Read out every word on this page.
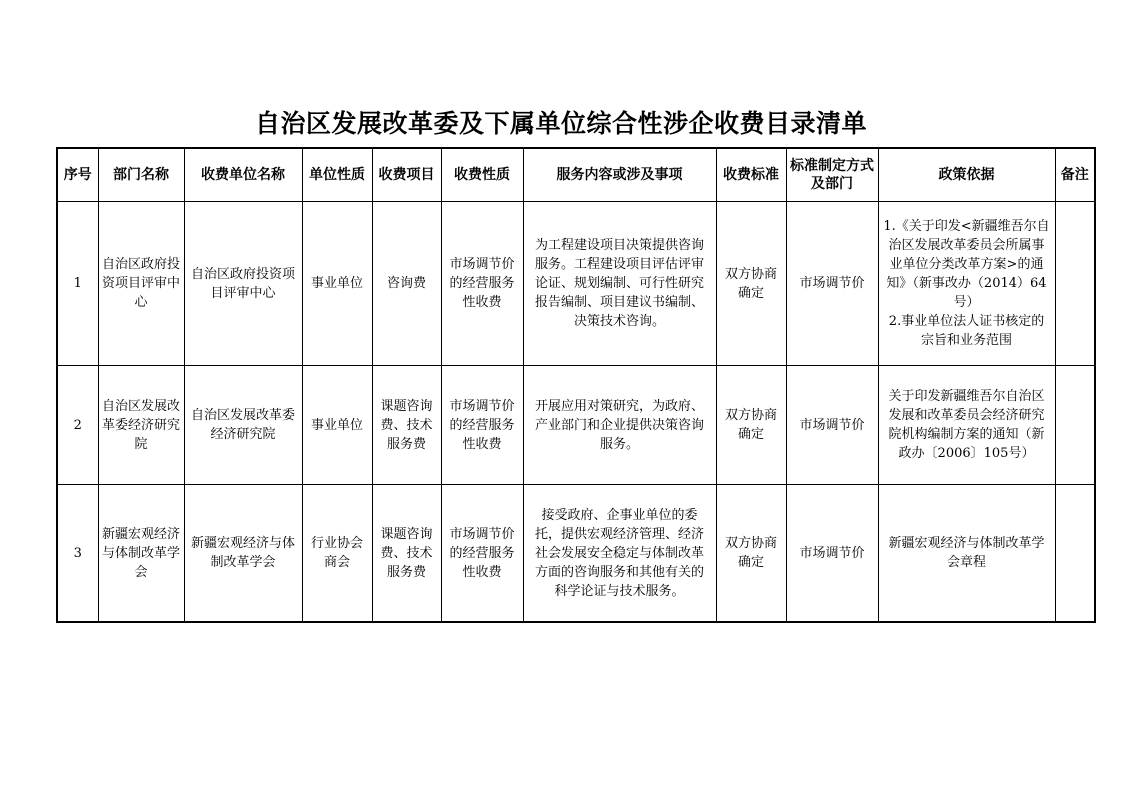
自治区发展改革委及下属单位综合性涉企收费目录清单
序号	部门名称	收费单位名称	单位性质	收费项目	收费性质	服务内容或涉及事项	收费标准	标准制定方式及部门	政策依据	备注
1	自治区政府投资项目评审中心	自治区政府投资项目评审中心	事业单位	咨询费	市场调节价的经营服务性收费	为工程建设项目决策提供咨询服务。工程建设项目评估评审论证、规划编制、可行性研究报告编制、项目建议书编制、决策技术咨询。	双方协商确定	市场调节价	1.《关于印发<新疆维吾尔自治区发展改革委员会所属事业单位分类改革方案>的通知》（新事改办（2014）64号）
2.事业单位法人证书核定的宗旨和业务范围	

2	自治区发展改革委经济研究院	自治区发展改革委经济研究院	事业单位	课题咨询费、技术服务费	市场调节价的经营服务性收费	开展应用对策研究，为政府、产业部门和企业提供决策咨询服务。	双方协商确定	市场调节价	关于印发新疆维吾尔自治区发展和改革委员会经济研究院机构编制方案的通知（新政办〔2006〕105号）	
3	新疆宏观经济与体制改革学会	新疆宏观经济与体制改革学会	行业协会商会	课题咨询费、技术服务费	市场调节价的经营服务性收费	接受政府、企事业单位的委托，提供宏观经济管理、经济社会发展安全稳定与体制改革方面的咨询服务和其他有关的科学论证与技术服务。	双方协商确定	市场调节价	新疆宏观经济与体制改革学会章程	
